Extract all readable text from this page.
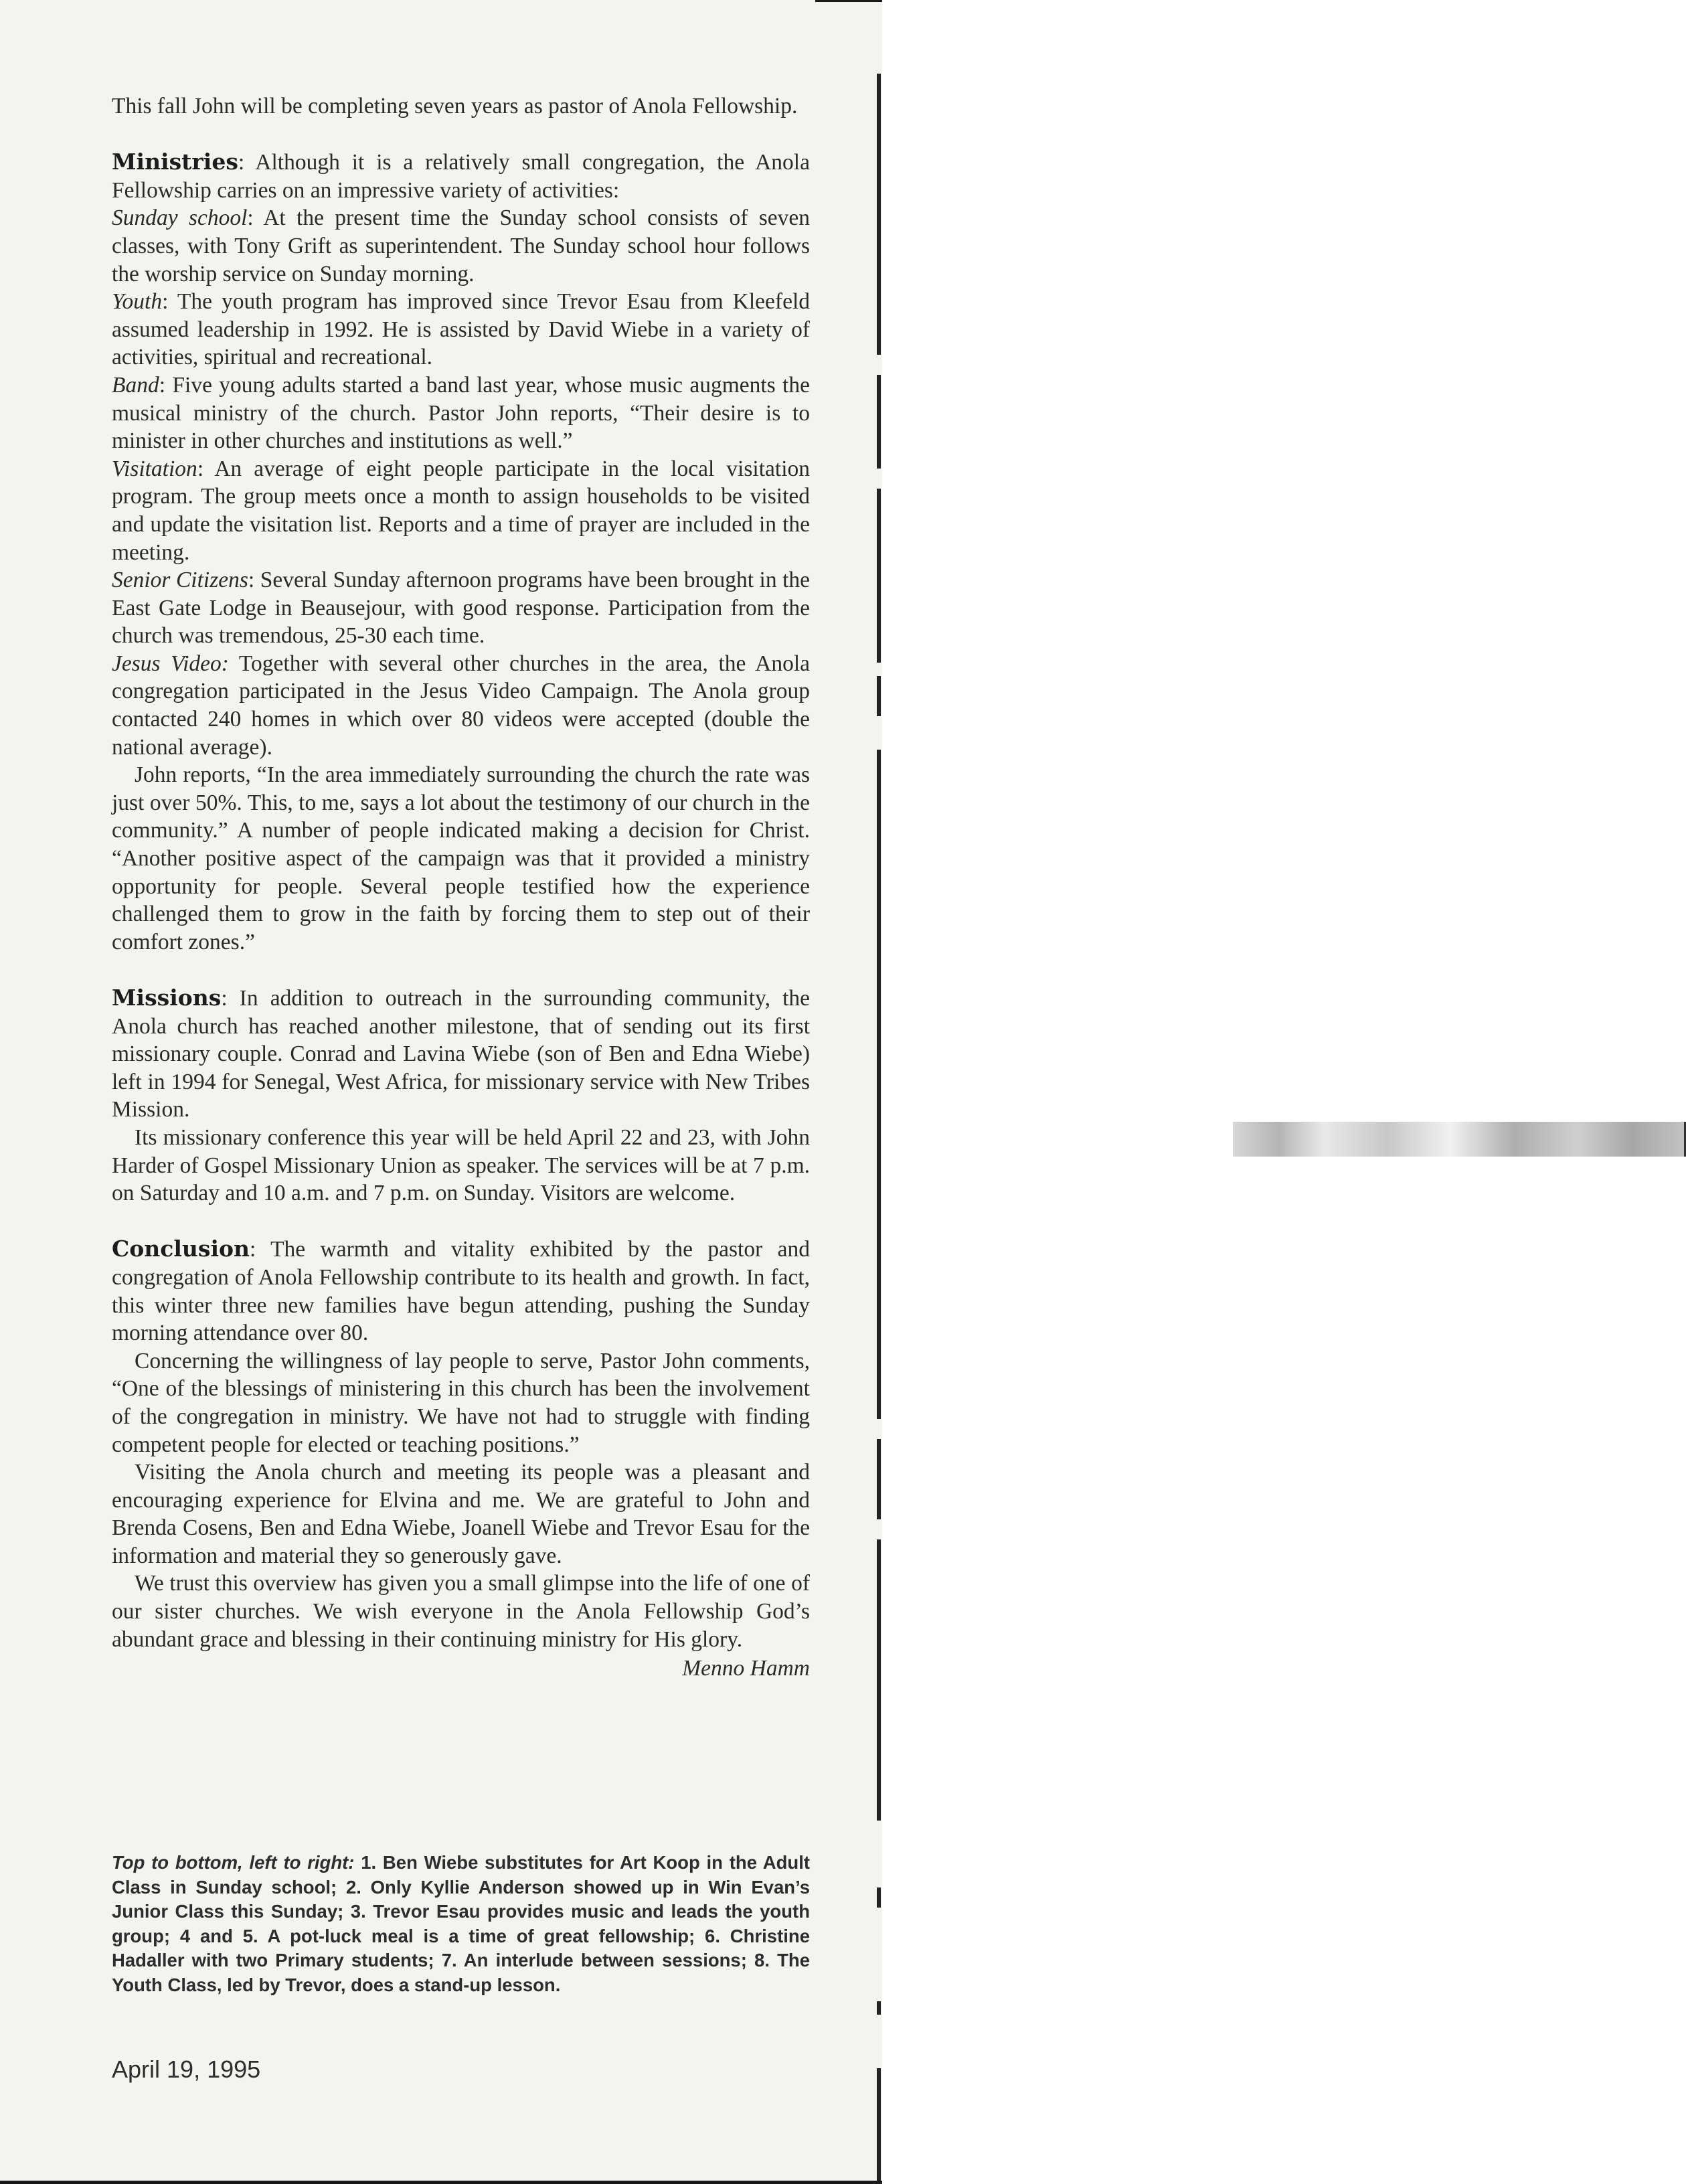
This fall John will be completing seven years as pastor of Anola Fellowship.

Ministries: Although it is a relatively small congregation, the Anola Fellowship carries on an impressive variety of activities:

Sunday school: At the present time the Sunday school consists of seven classes, with Tony Grift as superintendent. The Sunday school hour follows the worship service on Sunday morning.

Youth: The youth program has improved since Trevor Esau from Kleefeld assumed leadership in 1992. He is assisted by David Wiebe in a variety of activities, spiritual and recreational.

Band: Five young adults started a band last year, whose music augments the musical ministry of the church. Pastor John reports, “Their desire is to minister in other churches and institutions as well.”

Visitation: An average of eight people participate in the local visitation program. The group meets once a month to assign households to be visited and update the visitation list. Reports and a time of prayer are included in the meeting.

Senior Citizens: Several Sunday afternoon programs have been brought in the East Gate Lodge in Beausejour, with good response. Participation from the church was tremendous, 25-30 each time.

Jesus Video: Together with several other churches in the area, the Anola congregation participated in the Jesus Video Campaign. The Anola group contacted 240 homes in which over 80 videos were accepted (double the national average).

John reports, “In the area immediately surrounding the church the rate was just over 50%. This, to me, says a lot about the testimony of our church in the community.” A number of people indicated making a decision for Christ. “Another positive aspect of the campaign was that it provided a ministry opportunity for people. Several people testified how the experience challenged them to grow in the faith by forcing them to step out of their comfort zones.”

Missions: In addition to outreach in the surrounding community, the Anola church has reached another milestone, that of sending out its first missionary couple. Conrad and Lavina Wiebe (son of Ben and Edna Wiebe) left in 1994 for Senegal, West Africa, for missionary service with New Tribes Mission.

Its missionary conference this year will be held April 22 and 23, with John Harder of Gospel Missionary Union as speaker. The services will be at 7 p.m. on Saturday and 10 a.m. and 7 p.m. on Sunday. Visitors are welcome.

Conclusion: The warmth and vitality exhibited by the pastor and congregation of Anola Fellowship contribute to its health and growth. In fact, this winter three new families have begun attending, pushing the Sunday morning attendance over 80.

Concerning the willingness of lay people to serve, Pastor John comments, “One of the blessings of ministering in this church has been the involvement of the congregation in ministry. We have not had to struggle with finding competent people for elected or teaching positions.”

Visiting the Anola church and meeting its people was a pleasant and encouraging experience for Elvina and me. We are grateful to John and Brenda Cosens, Ben and Edna Wiebe, Joanell Wiebe and Trevor Esau for the information and material they so generously gave.

We trust this overview has given you a small glimpse into the life of one of our sister churches. We wish everyone in the Anola Fellowship God’s abundant grace and blessing in their continuing ministry for His glory.

Menno Hamm

Top to bottom, left to right: 1. Ben Wiebe substitutes for Art Koop in the Adult Class in Sunday school; 2. Only Kyllie Anderson showed up in Win Evan’s Junior Class this Sunday; 3. Trevor Esau provides music and leads the youth group; 4 and 5. A pot-luck meal is a time of great fellowship; 6. Christine Hadaller with two Primary students; 7. An interlude between sessions; 8. The Youth Class, led by Trevor, does a stand-up lesson.
April 19, 1995
